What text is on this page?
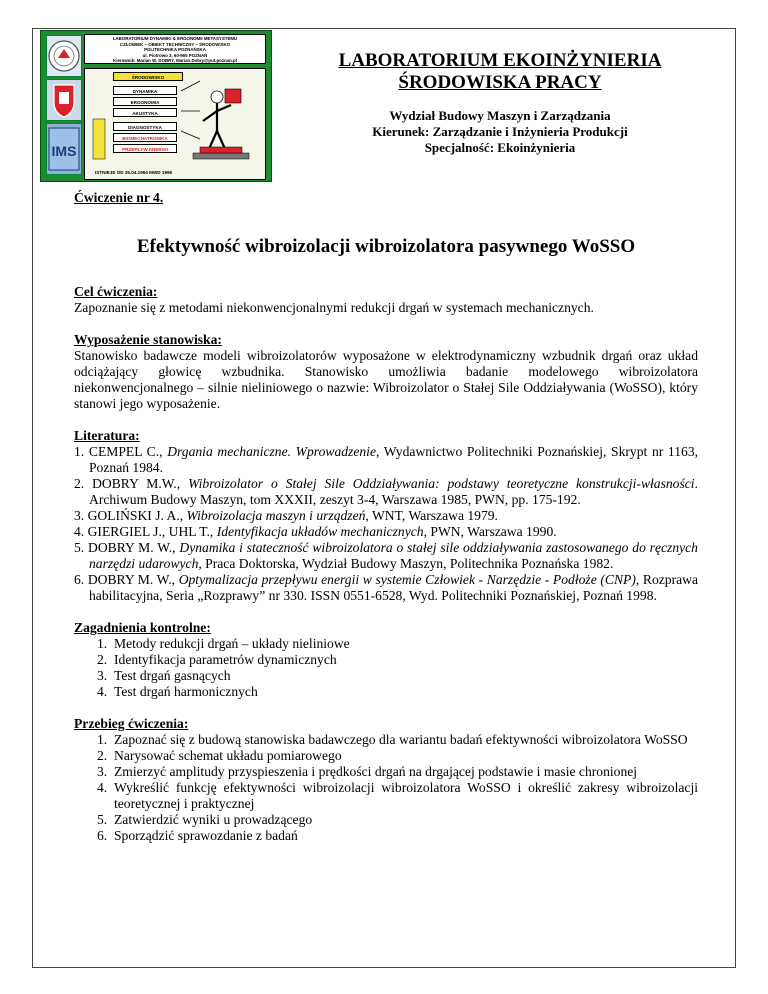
LABORATORIUM DYNAMIKI & ERGONOMII METASYSTEMU
CZŁOWIEK – OBIEKT TECHNICZNY – ŚRODOWISKO
POLITECHNIKA POZNAŃSKA
ul. Piotrowo 3, 60-965 POZNAŃ
Kierownik: Marian W. DOBRY, Marian.Dobry@put.poznan.pl
IMS
ŚRODOWISKO
DYNAMIKA
ERGONOMIA
AKUSTYKA
DIAGNOSTYKA
BIOMECHATRONIKA
PRZEPŁYW ENERGII
ISTNIEJE OD 25.04.1994 MWD 1996
LABORATORIUM EKOINŻYNIERIA
ŚRODOWISKA PRACY
Wydział Budowy Maszyn i Zarządzania
Kierunek: Zarządzanie i Inżynieria Produkcji
Specjalność: Ekoinżynieria

Ćwiczenie nr 4.

Efektywność wibroizolacji wibroizolatora pasywnego WoSSO

Cel ćwiczenia:

Zapoznanie się z metodami niekonwencjonalnymi redukcji drgań w systemach mechanicznych.

Wyposażenie stanowiska:

Stanowisko badawcze modeli wibroizolatorów wyposażone w elektrodynamiczny wzbudnik drgań oraz układ odciążający głowicę wzbudnika. Stanowisko umożliwia badanie modelowego wibroizolatora niekonwencjonalnego – silnie nieliniowego o nazwie: Wibroizolator o Stałej Sile Oddziaływania (WoSSO), który stanowi jego wyposażenie.

Literatura:

1. CEMPEL C., Drgania mechaniczne. Wprowadzenie, Wydawnictwo Politechniki Poznańskiej, Skrypt nr 1163, Poznań 1984.
2. DOBRY M.W., Wibroizolator o Stałej Sile Oddziaływania: podstawy teoretyczne konstrukcji-własności. Archiwum Budowy Maszyn, tom XXXII, zeszyt 3-4, Warszawa 1985, PWN, pp. 175-192.
3. GOLIŃSKI J. A., Wibroizolacja maszyn i urządzeń, WNT, Warszawa 1979.
4. GIERGIEL J., UHL T., Identyfikacja układów mechanicznych, PWN, Warszawa 1990.
5. DOBRY M. W., Dynamika i stateczność wibroizolatora o stałej sile oddziaływania zastosowanego do ręcznych narzędzi udarowych, Praca Doktorska, Wydział Budowy Maszyn, Politechnika Poznańska 1982.
6. DOBRY M. W., Optymalizacja przepływu energii w systemie Człowiek - Narzędzie - Podłoże (CNP), Rozprawa habilitacyjna, Seria „Rozprawy” nr 330. ISSN 0551-6528, Wyd. Politechniki Poznańskiej, Poznań 1998.

Zagadnienia kontrolne:

1. Metody redukcji drgań – układy nieliniowe
2. Identyfikacja parametrów dynamicznych
3. Test drgań gasnących
4. Test drgań harmonicznych

Przebieg ćwiczenia:

1. Zapoznać się z budową stanowiska badawczego dla wariantu badań efektywności wibroizolatora WoSSO
2. Narysować schemat układu pomiarowego
3. Zmierzyć amplitudy przyspieszenia i prędkości drgań na drgającej podstawie i masie chronionej
4. Wykreślić funkcję efektywności wibroizolacji wibroizolatora WoSSO i określić zakresy wibroizolacji teoretycznej i praktycznej
5. Zatwierdzić wyniki u prowadzącego
6. Sporządzić sprawozdanie z badań
